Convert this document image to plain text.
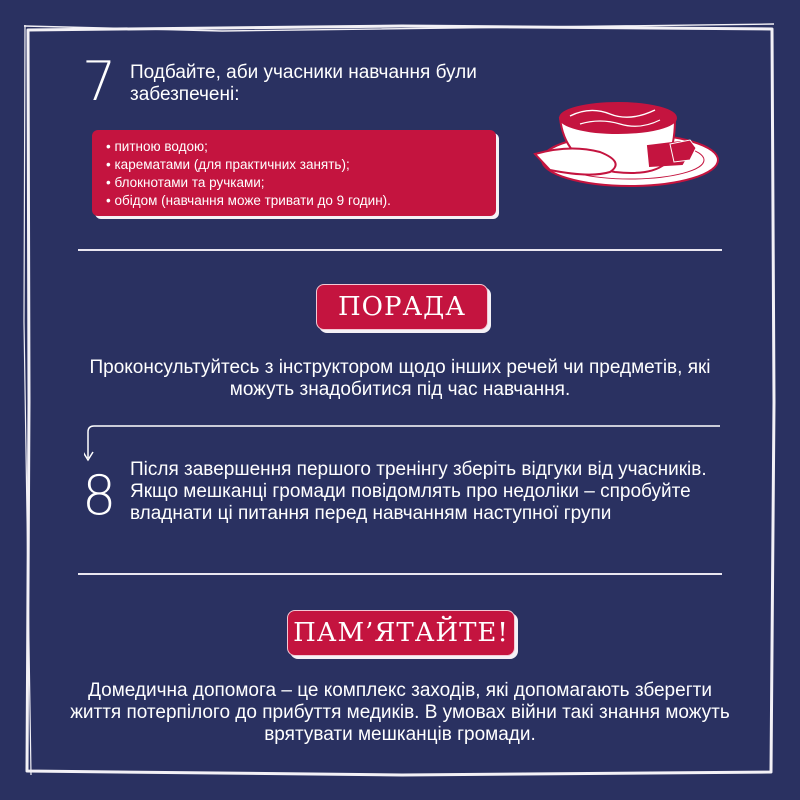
7 Подбайте, аби учасники навчання були забезпечені:
• питною водою;
• карематами (для практичних занять);
• блокнотами та ручками;
• обідом (навчання може тривати до 9 годин).
ПОРАДА
Проконсультуйтесь з інструктором щодо інших речей чи предметів, які можуть знадобитися під час навчання.
8 Після завершення першого тренінгу зберіть відгуки від учасників. Якщо мешканці громади повідомлять про недоліки – спробуйте владнати ці питання перед навчанням наступної групи
ПАМ’ЯТАЙТЕ!
Домедична допомога – це комплекс заходів, які допомагають зберегти життя потерпілого до прибуття медиків. В умовах війни такі знання можуть врятувати мешканців громади.
